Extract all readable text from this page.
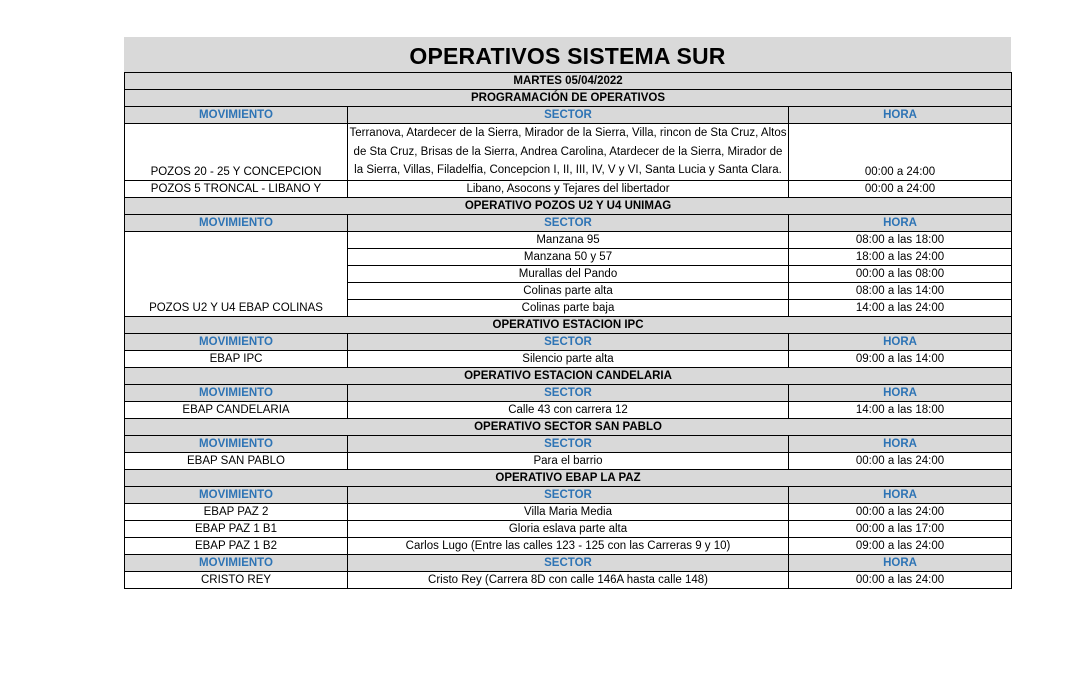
OPERATIVOS SISTEMA SUR
MARTES 05/04/2022		
PROGRAMACIÓN DE OPERATIVOS		
MOVIMIENTO	SECTOR	HORA
POZOS 20 - 25 Y CONCEPCION	Terranova, Atardecer de la Sierra, Mirador de la Sierra, Villa, rincon de Sta Cruz, Altos de Sta Cruz, Brisas de la Sierra, Andrea Carolina, Atardecer de la Sierra, Mirador de la Sierra, Villas, Filadelfia, Concepcion I, II, III, IV, V y VI, Santa Lucia y Santa Clara.	00:00 a 24:00
POZOS 5 TRONCAL - LIBANO Y	Libano, Asocons y Tejares del libertador	00:00 a 24:00
OPERATIVO POZOS U2 Y U4 UNIMAG		
MOVIMIENTO	SECTOR	HORA
POZOS U2 Y U4 EBAP COLINAS	Manzana 95	08:00 a las 18:00
	Manzana 50 y 57	18:00 a las 24:00
	Murallas del Pando	00:00 a las 08:00
	Colinas parte alta	08:00 a las 14:00
	Colinas parte baja	14:00 a las 24:00
OPERATIVO ESTACION IPC		
MOVIMIENTO	SECTOR	HORA
EBAP IPC	Silencio parte alta	09:00 a las 14:00
OPERATIVO ESTACION CANDELARIA		
MOVIMIENTO	SECTOR	HORA
EBAP CANDELARIA	Calle 43 con carrera 12	14:00 a las 18:00
OPERATIVO SECTOR SAN PABLO		
MOVIMIENTO	SECTOR	HORA
EBAP SAN PABLO	Para el barrio	00:00 a las 24:00
OPERATIVO EBAP LA PAZ		
MOVIMIENTO	SECTOR	HORA
EBAP PAZ 2	Villa Maria Media	00:00 a las 24:00
EBAP PAZ 1 B1	Gloria eslava parte alta	00:00 a las 17:00
EBAP PAZ 1 B2	Carlos Lugo (Entre las calles 123 - 125 con las Carreras 9 y 10)	09:00 a las 24:00
MOVIMIENTO	SECTOR	HORA
CRISTO REY	Cristo Rey (Carrera 8D con calle 146A hasta calle 148)	00:00 a las 24:00
